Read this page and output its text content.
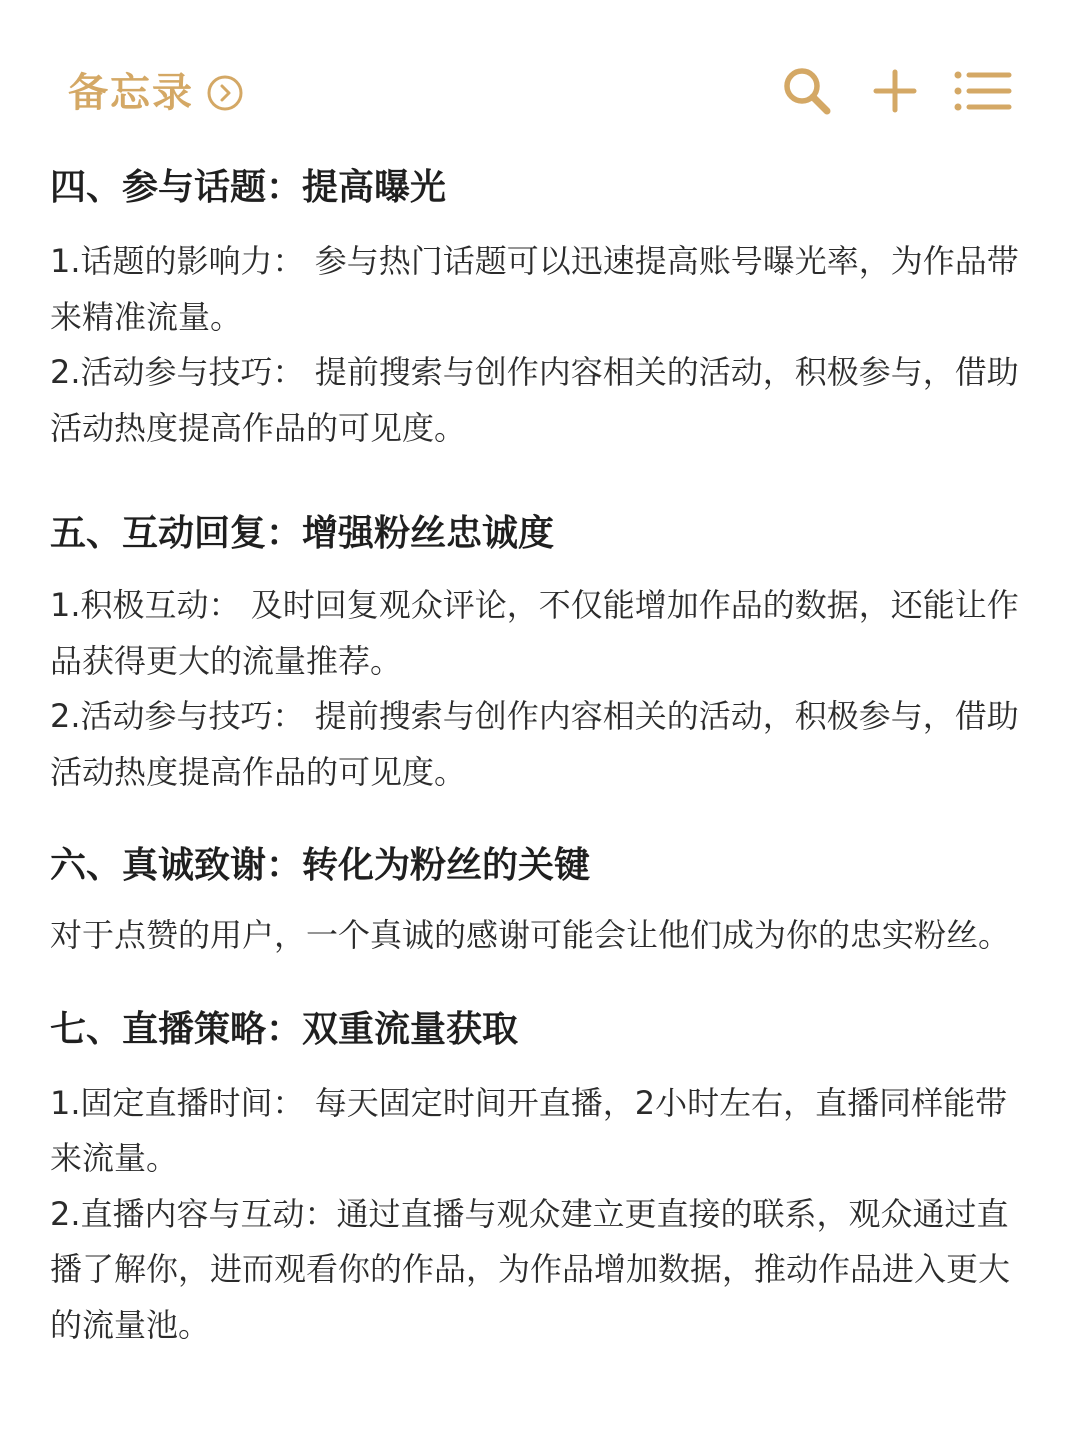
备忘录
四、参与话题：提高曝光

1.话题的影响力： 参与热门话题可以迅速提高账号曝光率，为作品带来精准流量。

2.活动参与技巧： 提前搜索与创作内容相关的活动，积极参与，借助活动热度提高作品的可见度。

五、互动回复：增强粉丝忠诚度

1.积极互动： 及时回复观众评论，不仅能增加作品的数据，还能让作品获得更大的流量推荐。

2.活动参与技巧： 提前搜索与创作内容相关的活动，积极参与，借助活动热度提高作品的可见度。

六、真诚致谢：转化为粉丝的关键

对于点赞的用户，一个真诚的感谢可能会让他们成为你的忠实粉丝。

七、直播策略：双重流量获取

1.固定直播时间： 每天固定时间开直播，2小时左右，直播同样能带来流量。

2.直播内容与互动：通过直播与观众建立更直接的联系，观众通过直播了解你，进而观看你的作品，为作品增加数据，推动作品进入更大的流量池。
